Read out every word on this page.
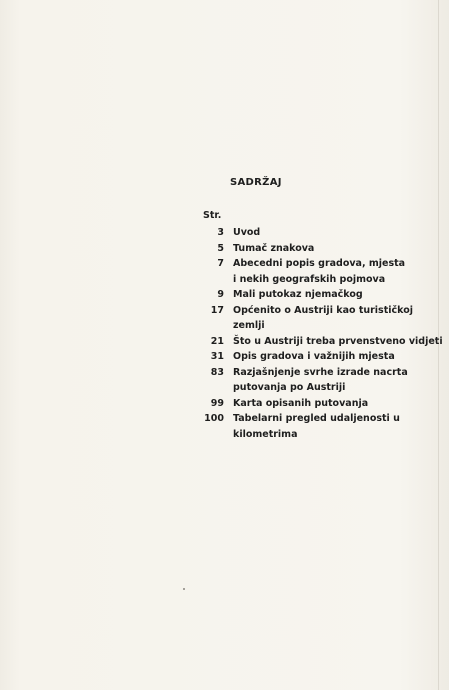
SADRŽAJ
Str.
3 Uvod
5 Tumač znakova
7 Abecedni popis gradova, mjesta
i nekih geografskih pojmova
9 Mali putokaz njemačkog
17 Općenito o Austriji kao turističkoj
zemlji
21 Što u Austriji treba prvenstveno vidjeti
31 Opis gradova i važnijih mjesta
83 Razjašnjenje svrhe izrade nacrta
putovanja po Austriji
99 Karta opisanih putovanja
100 Tabelarni pregled udaljenosti u
kilometrima
